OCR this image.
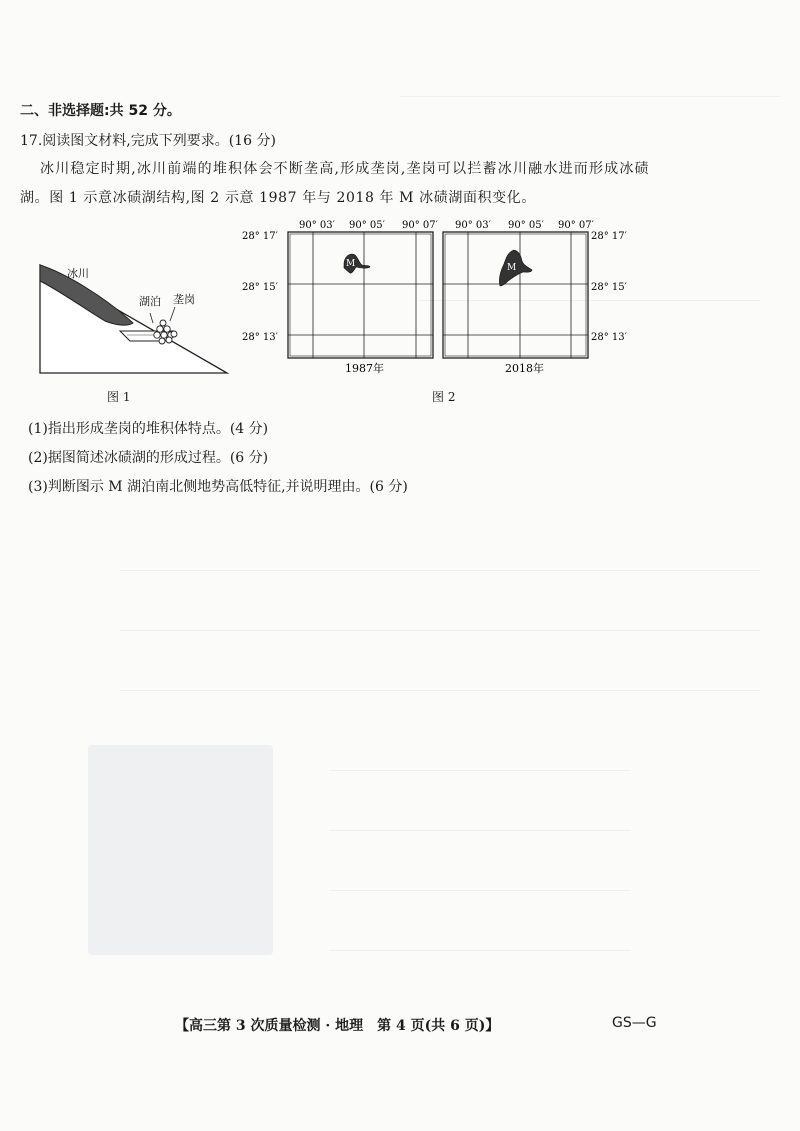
二、非选择题:共 52 分。
17.阅读图文材料,完成下列要求。(16 分)
冰川稳定时期,冰川前端的堆积体会不断垄高,形成垄岗,垄岗可以拦蓄冰川融水进而形成冰碛
湖。图 1 示意冰碛湖结构,图 2 示意 1987 年与 2018 年 M 冰碛湖面积变化。
冰川
湖泊 垄岗
图 1
90° 03′ 90° 05′ 90° 07′ 90° 03′ 90° 05′ 90° 07′
28° 17′
28° 15′
28° 13′
28° 17′
28° 15′
28° 13′
M	M
1987年	2018年
图 2
(1)指出形成垄岗的堆积体特点。(4 分)
(2)据图简述冰碛湖的形成过程。(6 分)
(3)判断图示 M 湖泊南北侧地势高低特征,并说明理由。(6 分)
【高三第 3 次质量检测 · 地理　第 4 页(共 6 页)】	GS—G
